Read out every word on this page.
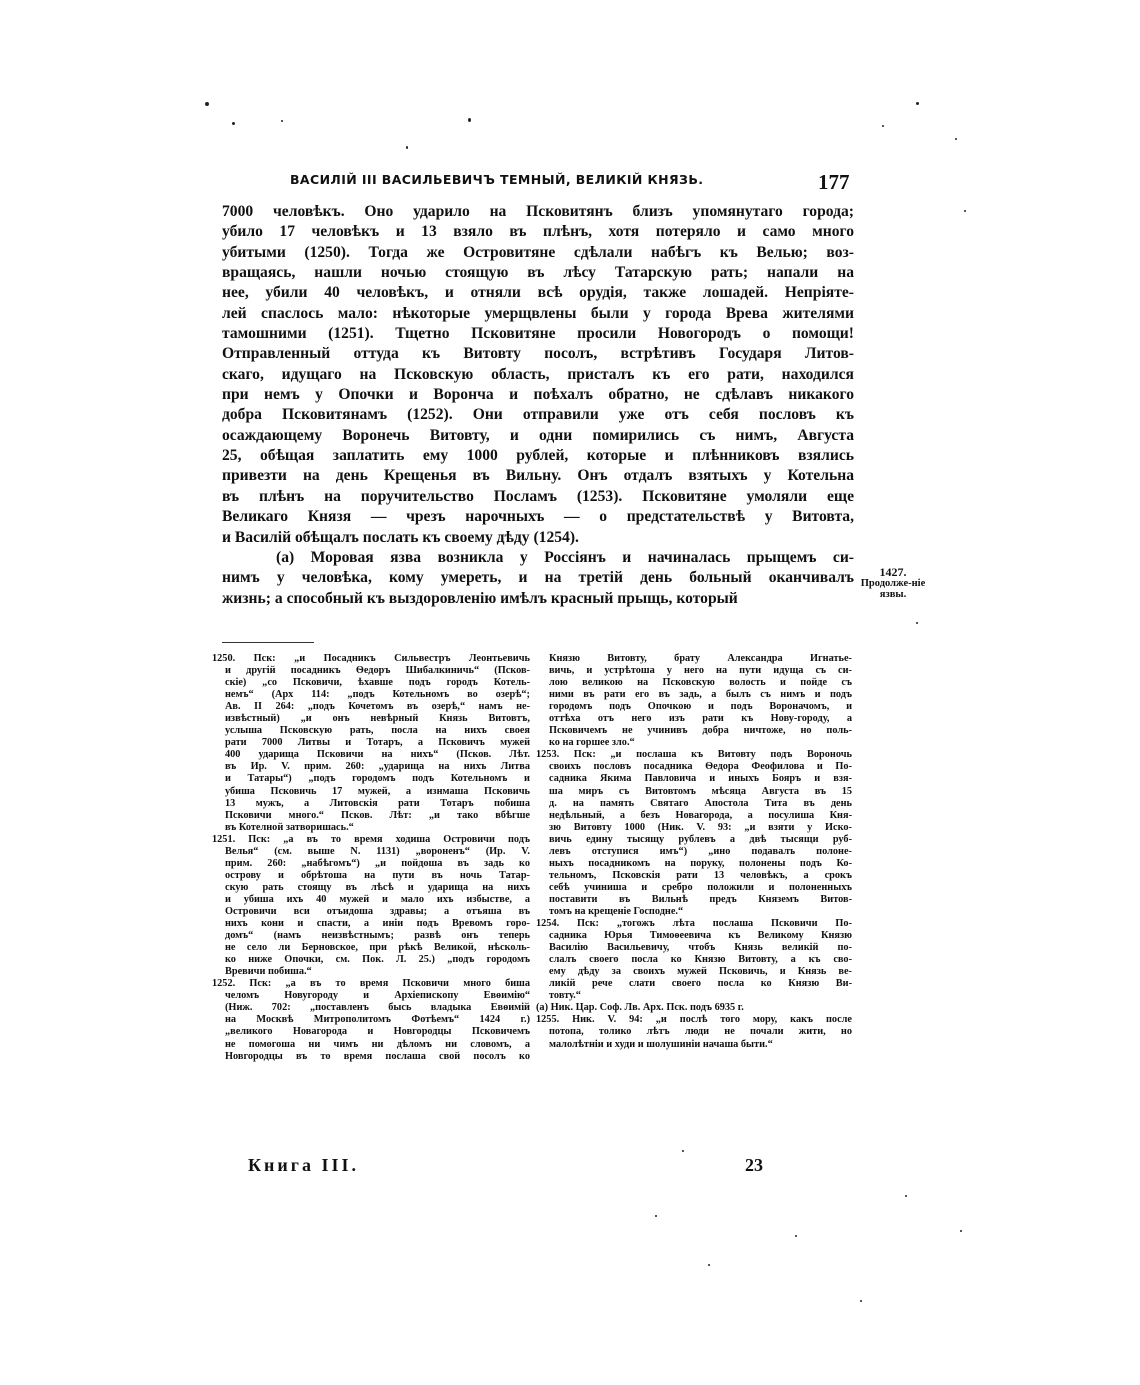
ВАСИЛІЙ III ВАСИЛЬЕВИЧЪ ТЕМНЫЙ, ВЕЛИКІЙ КНЯЗЬ.	177
7000 человѣкъ. Оно ударило на Псковитянъ близъ упомянутаго города;
убило 17 человѣкъ и 13 взяло въ плѣнъ, хотя потеряло и само много
убитыми (1250). Тогда же Островитяне сдѣлали набѣгъ къ Велью; воз-
вращаясь, нашли ночью стоящую въ лѣсу Татарскую рать; напали на
нее, убили 40 человѣкъ, и отняли всѣ орудія, также лошадей. Непріяте-
лей спаслось мало: нѣкоторые умерщвлены были у города Врева жителями
тамошними (1251). Тщетно Псковитяне просили Новогородъ о помощи!
Отправленный оттуда къ Витовту посолъ, встрѣтивъ Государя Литов-
скаго, идущаго на Псковскую область, присталъ къ его рати, находился
при немъ у Опочки и Воронча и поѣхалъ обратно, не сдѣлавъ никакого
добра Псковитянамъ (1252). Они отправили уже отъ себя пословъ къ
осаждающему Воронечь Витовту, и одни помирились съ нимъ, Августа
25, обѣщая заплатить ему 1000 рублей, которые и плѣнниковъ взялись
привезти на день Крещенья въ Вильну. Онъ отдалъ взятыхъ у Котельна
въ плѣнъ на поручительство Посламъ (1253). Псковитяне умоляли еще
Великаго Князя — чрезъ нарочныхъ — о предстательствѣ у Витовта,
и Василій обѣщалъ послать къ своему дѣду (1254).
(а) Моровая язва возникла у Россіянъ и начиналась прыщемъ си-
нимъ у человѣка, кому умереть, и на третій день больный оканчивалъ
жизнь; а способный къ выздоровленію имѣлъ красный прыщь, который
1427.
Продолже-ніе язвы.
1250. Пск: „и Посадникъ Сильвестръ Леонтьевичь
и другій посадникъ Ѳедоръ Шибалкиничь“ (Псков-
скіе) „со Псковичи, ѣхавше подъ городъ Котель-
немъ“ (Арх 114: „подъ Котельномъ во озерѣ“;
Ав. II 264: „подъ Кочетомъ въ озерѣ,“ намъ не-
извѣстный) „и онъ невѣрный Князь Витовтъ,
услыша Псковскую рать, посла на нихъ своея
рати 7000 Литвы и Тотаръ, а Псковичъ мужей
400 ударища Псковичи на нихъ“ (Псков. Лѣт.
въ Ир. V. прим. 260: „ударища на нихъ Литва
и Татары“) „подъ городомъ подъ Котельномъ и
убиша Псковичь 17 мужей, а изнмаша Псковичь
13 мужъ, а Литовскія рати Тотаръ побиша
Псковичи много.“ Псков. Лѣт: „и тако вбѣгше
въ Котелной затворишась.“
1251. Пск: „а въ то время ходиша Островичи подъ
Велья“ (см. выше N. 1131) „вороненъ“ (Ир. V.
прим. 260: „набѣгомъ“) „и пойдоша въ задь ко
острову и обрѣтоша на пути въ ночь Татар-
скую рать стоящу въ лѣсѣ и ударища на нихъ
и убиша ихъ 40 мужей и мало ихъ избыстве, а
Островичи вси отъидоша здравы; а отъяша въ
нихъ кони и спасти, а иніи подъ Вревомъ горо-
домъ“ (намъ неизвѣстнымъ; развѣ онъ теперь
не село ли Берновское, при рѣкѣ Великой, нѣсколь-
ко ниже Опочки, см. Пок. Л. 25.) „подъ городомъ
Вревичи побиша.“
1252. Пск: „а въ то время Псковичи много биша
челомъ Новугороду и Архіепископу Евѳимію“
(Ниж. 702: „поставленъ бысь владыка Евѳимій
на Москвѣ Митрополитомъ Фотѣемъ“ 1424 г.)
„великого Новагорода и Новгородцы Псковичемъ
не помогоша ни чимъ ни дѣломъ ни словомъ, а
Новгородцы въ то время послаша свой посолъ ко
Князю Витовту, брату Александра Игнатье-
вичь, и устрѣтоша у него на пути идуща съ си-
лою великою на Псковскую волость и пойде съ
ними въ рати его въ задь, а былъ съ нимъ и подъ
городомъ подъ Опочкою и подъ Вороначомъ, и
оттѣха отъ него изъ рати къ Нову-городу, а
Псковичемъ не учинивъ добра ничтоже, но поль-
ко на горшее зло.“
1253. Пск: „и послаша къ Витовту подъ Вороночь
своихъ пословъ посадника Ѳедора Феофилова и По-
садника Якима Павловича и иныхъ Бояръ и взя-
ша миръ съ Витовтомъ мѣсяца Августа въ 15
д. на память Святаго Апостола Тита въ день
недѣльный, а безъ Новагорода, а посулиша Кня-
зю Витовту 1000 (Ник. V. 93: „и взяти у Иско-
вичь едину тысящу рублевъ а двѣ тысящи руб-
левъ отступися имъ“) „ино подавалъ полоне-
ныхъ посадникомъ на поруку, полонены подъ Ко-
тельномъ, Псковскія рати 13 человѣкъ, а срокъ
себѣ учиниша и сребро положили и полоненныхъ
поставити въ Вильнѣ предъ Княземъ Витов-
томъ на крещеніе Господне.“
1254. Пск: „тогожъ лѣта послаша Псковичи По-
садника Юрья Тимоѳеевича къ Великому Князю
Василію Васильевичу, чтобъ Князь великій по-
слалъ своего посла ко Князю Витовту, а къ сво-
ему дѣду за своихъ мужей Псковичь, и Князь ве-
ликій рече слати своего посла ко Князю Ви-
товту.“
(а) Ник. Цар. Соф. Лв. Арх. Пск. подъ 6935 г.
1255. Ник. V. 94: „и послѣ того мору, какъ после
потопа, толико лѣтъ люди не почали жити, но
малолѣтніи и худи и шолушиніи начаша быти.“
Книга III.	23
